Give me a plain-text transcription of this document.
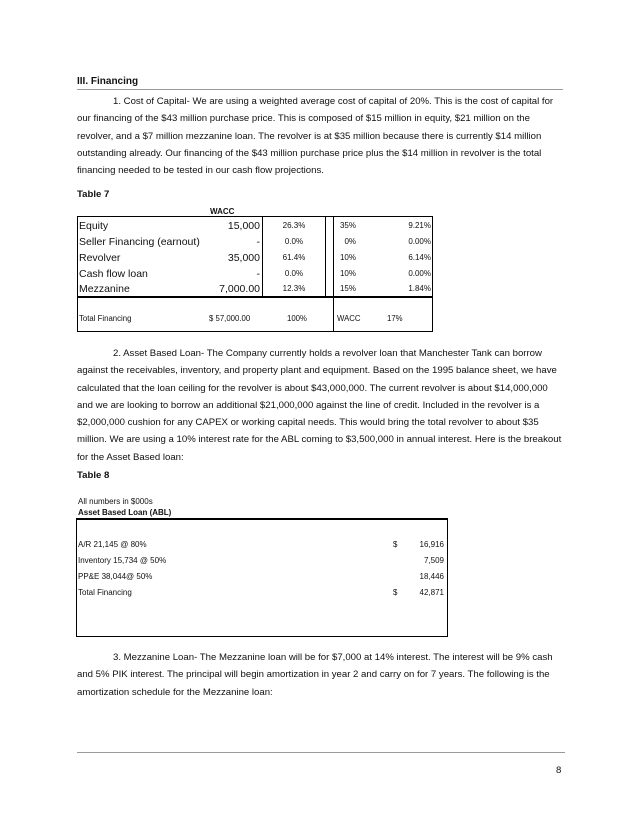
III. Financing

1. Cost of Capital- We are using a weighted average cost of capital of 20%. This is the cost of capital for our financing of the $43 million purchase price. This is composed of $15 million in equity, $21 million on the revolver, and a $7 million mezzanine loan. The revolver is at $35 million because there is currently $14 million outstanding already. Our financing of the $43 million purchase price plus the $14 million in revolver is the total financing needed to be tested in our cash flow projections.

Table 7
WACC
Equity	15,000	26.3%	35%	9.21%
Seller Financing (earnout)	-	0.0%	0%	0.00%
Revolver	35,000	61.4%	10%	6.14%
Cash flow loan	-	0.0%	10%	0.00%
Mezzanine	7,000.00	12.3%	15%	1.84%
Total Financing	$ 57,000.00	100%	WACC	17%

2. Asset Based Loan- The Company currently holds a revolver loan that Manchester Tank can borrow against the receivables, inventory, and property plant and equipment. Based on the 1995 balance sheet, we have calculated that the loan ceiling for the revolver is about $43,000,000. The current revolver is about $14,000,000 and we are looking to borrow an additional $21,000,000 against the line of credit. Included in the revolver is a $2,000,000 cushion for any CAPEX or working capital needs. This would bring the total revolver to about $35 million. We are using a 10% interest rate for the ABL coming to $3,500,000 in annual interest. Here is the breakout for the Asset Based loan:

Table 8
All numbers in $000s
Asset Based Loan (ABL)
A/R 21,145 @ 80%	$	16,916
Inventory 15,734 @ 50%	7,509
PP&E 38,044@ 50%	18,446
Total Financing	$	42,871

3. Mezzanine Loan- The Mezzanine loan will be for $7,000 at 14% interest. The interest will be 9% cash and 5% PIK interest. The principal will begin amortization in year 2 and carry on for 7 years. The following is the amortization schedule for the Mezzanine loan:

8
